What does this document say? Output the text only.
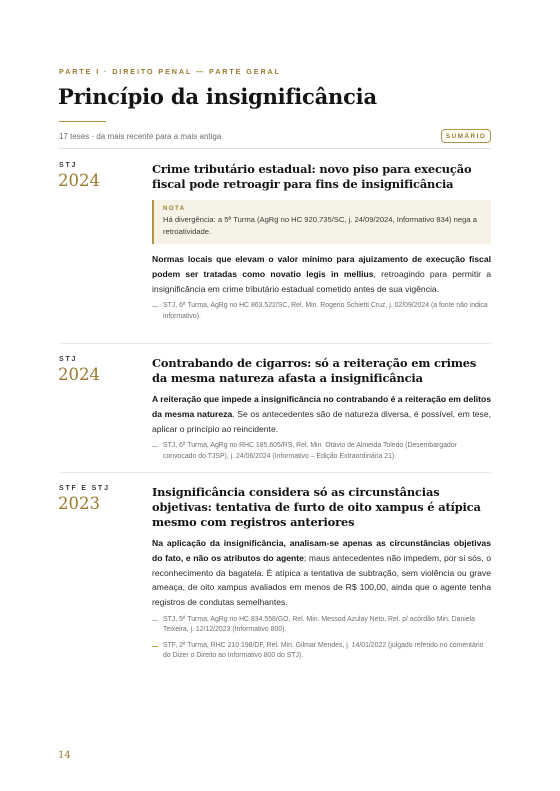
PARTE I · DIREITO PENAL — PARTE GERAL
Princípio da insignificância
17 teses · da mais recente para a mais antiga	SUMÁRIO
STJ
2024
Crime tributário estadual: novo piso para execução fiscal pode retroagir para fins de insignificância
NOTA
Há divergência: a 5ª Turma (AgRg no HC 920.735/SC, j. 24/09/2024, Informativo 834) nega a retroatividade.

Normas locais que elevam o valor mínimo para ajuizamento de execução fiscal podem ser tratadas como novatio legis in mellius, retroagindo para permitir a insignificância em crime tributário estadual cometido antes de sua vigência.

STJ, 6ª Turma, AgRg no HC 863.522/SC, Rel. Min. Rogerio Schietti Cruz, j. 02/09/2024 (a fonte não indica informativo).
STJ
2024
Contrabando de cigarros: só a reiteração em crimes da mesma natureza afasta a insignificância

A reiteração que impede a insignificância no contrabando é a reiteração em delitos da mesma natureza. Se os antecedentes são de natureza diversa, é possível, em tese, aplicar o princípio ao reincidente.

STJ, 6ª Turma, AgRg no RHC 185.605/RS, Rel. Min. Otávio de Almeida Toledo (Desembargador convocado do TJSP), j. 24/06/2024 (Informativo – Edição Extraordinária 21).
STF E STJ
2023
Insignificância considera só as circunstâncias objetivas: tentativa de furto de oito xampus é atípica mesmo com registros anteriores

Na aplicação da insignificância, analisam-se apenas as circunstâncias objetivas do fato, e não os atributos do agente; maus antecedentes não impedem, por si sós, o reconhecimento da bagatela. É atípica a tentativa de subtração, sem violência ou grave ameaça, de oito xampus avaliados em menos de R$ 100,00, ainda que o agente tenha registros de condutas semelhantes.

STJ, 5ª Turma, AgRg no HC 834.558/GO, Rel. Min. Messod Azulay Neto, Rel. p/ acórdão Min. Daniela Teixeira, j. 12/12/2023 (Informativo 800).
STF, 2ª Turma, RHC 210.198/DF, Rel. Min. Gilmar Mendes, j. 14/01/2022 (julgado referido no comentário do Dizer o Direito ao Informativo 800 do STJ).
14
